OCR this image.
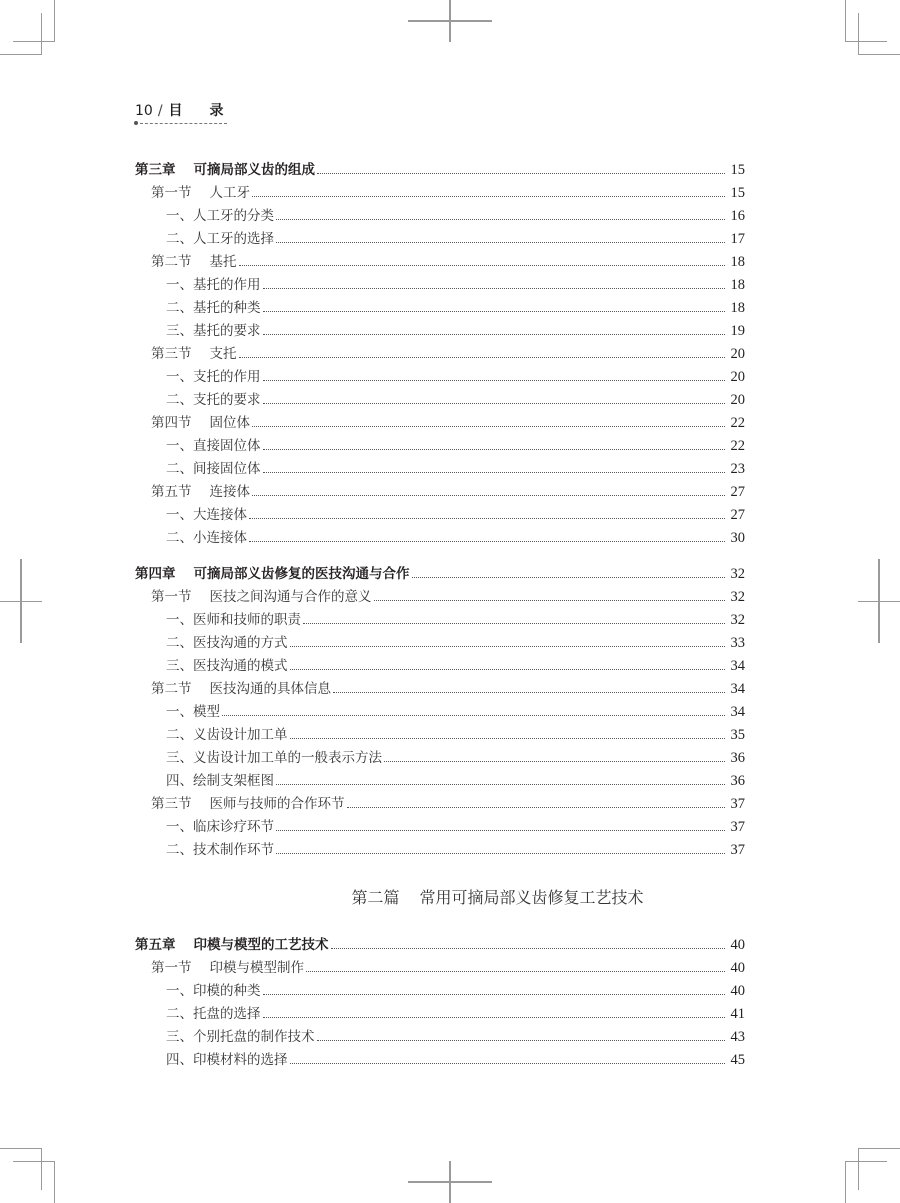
10 / 目 录
第三章 可摘局部义齿的组成	15
第一节 人工牙	15
一、人工牙的分类	16
二、人工牙的选择	17
第二节 基托	18
一、基托的作用	18
二、基托的种类	18
三、基托的要求	19
第三节 支托	20
一、支托的作用	20
二、支托的要求	20
第四节 固位体	22
一、直接固位体	22
二、间接固位体	23
第五节 连接体	27
一、大连接体	27
二、小连接体	30
第四章 可摘局部义齿修复的医技沟通与合作	32
第一节 医技之间沟通与合作的意义	32
一、医师和技师的职责	32
二、医技沟通的方式	33
三、医技沟通的模式	34
第二节 医技沟通的具体信息	34
一、模型	34
二、义齿设计加工单	35
三、义齿设计加工单的一般表示方法	36
四、绘制支架框图	36
第三节 医师与技师的合作环节	37
一、临床诊疗环节	37
二、技术制作环节	37
第二篇 常用可摘局部义齿修复工艺技术
第五章 印模与模型的工艺技术	40
第一节 印模与模型制作	40
一、印模的种类	40
二、托盘的选择	41
三、个别托盘的制作技术	43
四、印模材料的选择	45
